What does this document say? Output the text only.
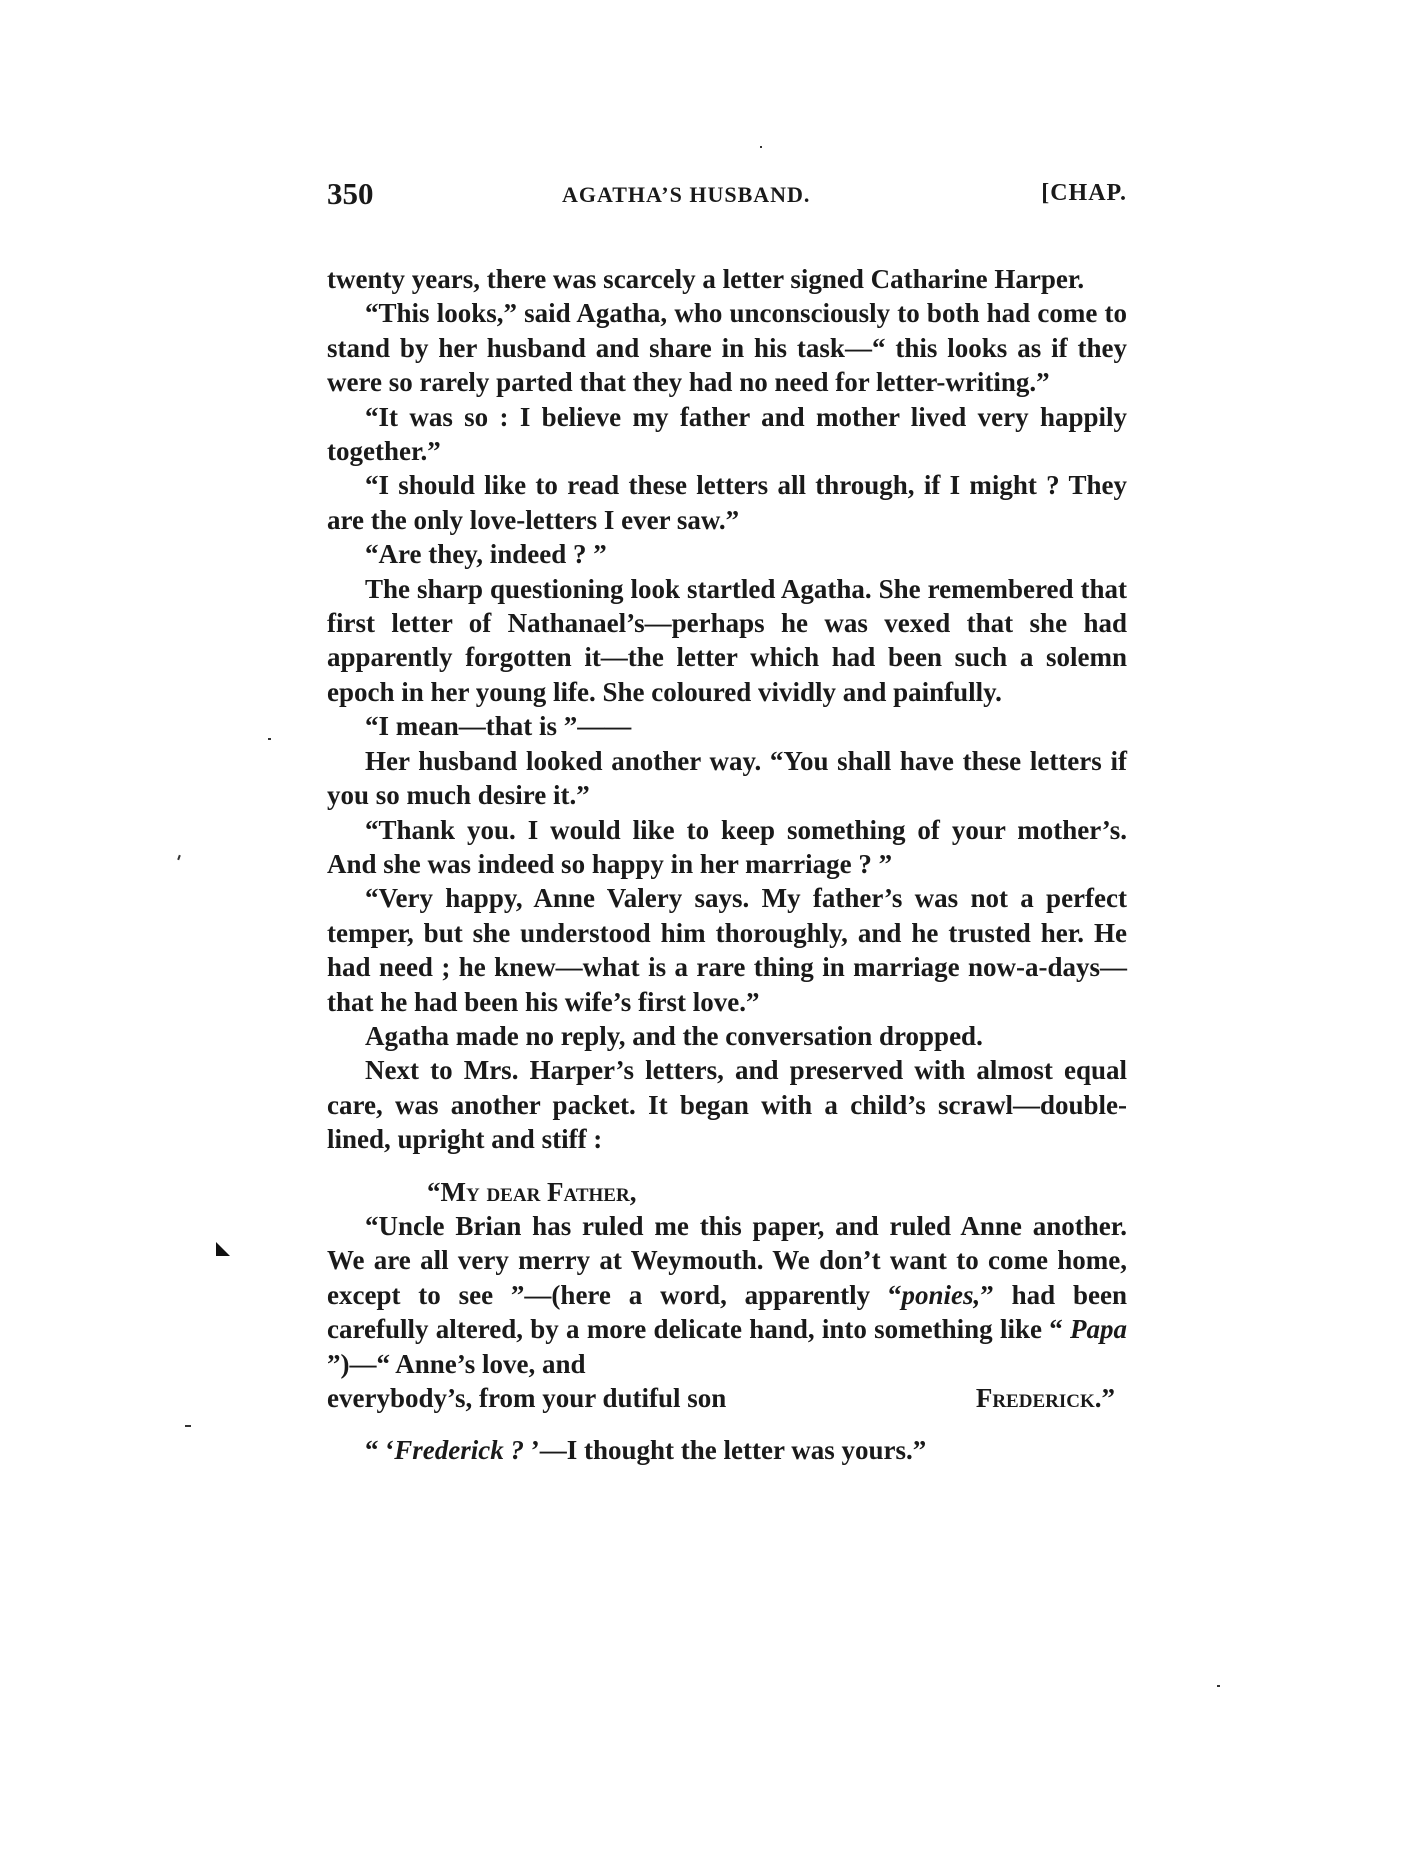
350	AGATHA’S HUSBAND.	[CHAP.

twenty years, there was scarcely a letter signed Catharine Harper.

“This looks,” said Agatha, who unconsciously to both had come to stand by her husband and share in his task—“ this looks as if they were so rarely parted that they had no need for letter-writing.”

“It was so : I believe my father and mother lived very happily together.”

“I should like to read these letters all through, if I might ? They are the only love-letters I ever saw.”

“Are they, indeed ? ”

The sharp questioning look startled Agatha. She remembered that first letter of Nathanael’s—perhaps he was vexed that she had apparently forgotten it—the letter which had been such a solemn epoch in her young life. She coloured vividly and painfully.

“I mean—that is ”——

Her husband looked another way. “You shall have these letters if you so much desire it.”

“Thank you. I would like to keep something of your mother’s. And she was indeed so happy in her marriage ? ”

“Very happy, Anne Valery says. My father’s was not a perfect temper, but she understood him thoroughly, and he trusted her. He had need ; he knew—what is a rare thing in marriage now-a-days—that he had been his wife’s first love.”

Agatha made no reply, and the conversation dropped.

Next to Mrs. Harper’s letters, and preserved with almost equal care, was another packet. It began with a child’s scrawl—double-lined, upright and stiff :

“My dear Father,

“Uncle Brian has ruled me this paper, and ruled Anne another. We are all very merry at Weymouth. We don’t want to come home, except to see ”—(here a word, apparently “ponies,” had been carefully altered, by a more delicate hand, into something like “ Papa ”)—“ Anne’s love, and

everybody’s, from your dutiful son	Frederick.”

“ ‘Frederick ? ’—I thought the letter was yours.”
